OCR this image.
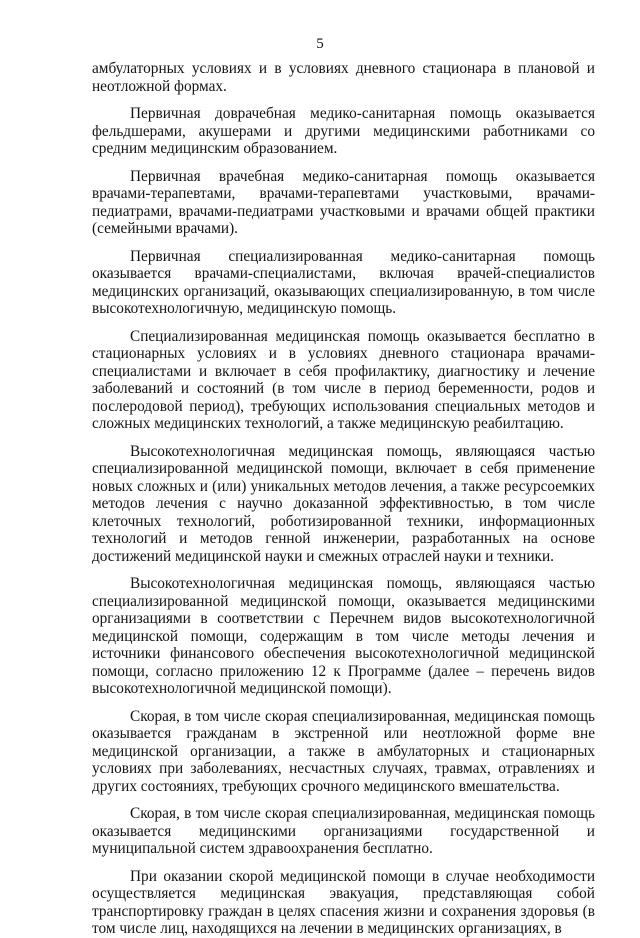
5

амбулаторных условиях и в условиях дневного стационара в плановой и неотложной формах.

Первичная доврачебная медико-санитарная помощь оказывается фельдшерами, акушерами и другими медицинскими работниками со средним медицинским образованием.

Первичная врачебная медико-санитарная помощь оказывается врачами-терапевтами, врачами-терапевтами участковыми, врачами-педиатрами, врачами-педиатрами участковыми и врачами общей практики (семейными врачами).

Первичная специализированная медико-санитарная помощь оказывается врачами-специалистами, включая врачей-специалистов медицинских организаций, оказывающих специализированную, в том числе высокотехнологичную, медицинскую помощь.

Специализированная медицинская помощь оказывается бесплатно в стационарных условиях и в условиях дневного стационара врачами-специалистами и включает в себя профилактику, диагностику и лечение заболеваний и состояний (в том числе в период беременности, родов и послеродовой период), требующих использования специальных методов и сложных медицинских технологий, а также медицинскую реабилтацию.

Высокотехнологичная медицинская помощь, являющаяся частью специализированной медицинской помощи, включает в себя применение новых сложных и (или) уникальных методов лечения, а также ресурсоемких методов лечения с научно доказанной эффективностью, в том числе клеточных технологий, роботизированной техники, информационных технологий и методов генной инженерии, разработанных на основе достижений медицинской науки и смежных отраслей науки и техники.

Высокотехнологичная медицинская помощь, являющаяся частью специализированной медицинской помощи, оказывается медицинскими организациями в соответствии с Перечнем видов высокотехнологичной медицинской помощи, содержащим в том числе методы лечения и источники финансового обеспечения высокотехнологичной медицинской помощи, согласно приложению 12 к Программе (далее – перечень видов высокотехнологичной медицинской помощи).

Скорая, в том числе скорая специализированная, медицинская помощь оказывается гражданам в экстренной или неотложной форме вне медицинской организации, а также в амбулаторных и стационарных условиях при заболеваниях, несчастных случаях, травмах, отравлениях и других состояниях, требующих срочного медицинского вмешательства.

Скорая, в том числе скорая специализированная, медицинская помощь оказывается медицинскими организациями государственной и муниципальной систем здравоохранения бесплатно.

При оказании скорой медицинской помощи в случае необходимости осуществляется медицинская эвакуация, представляющая собой транспортировку граждан в целях спасения жизни и сохранения здоровья (в том числе лиц, находящихся на лечении в медицинских организациях, в
